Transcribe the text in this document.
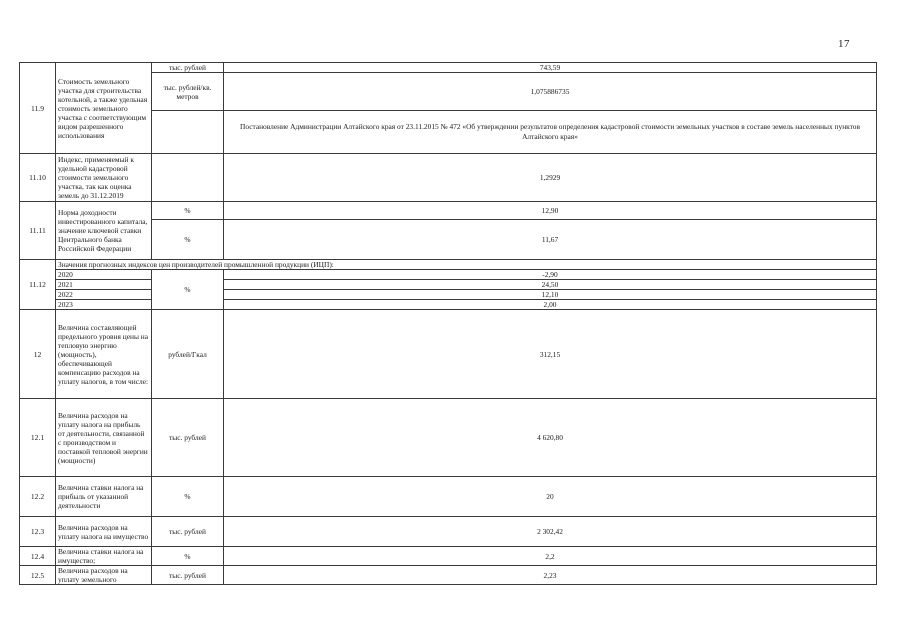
17
11.9	Стоимость земельного участка для строительства котельной, а также удельная стоимость земельного участка с соответствующим видом разрешенного использования	тыс. рублей	743,59
		тыс. рублей/кв. метров	1,075886735
			Постановление Администрации Алтайского края от 23.11.2015 № 472 «Об утверждении результатов определения кадастровой стоимости земельных участков в составе земель населенных пунктов Алтайского края»
11.10	Индекс, применяемый к удельной кадастровой стоимости земельного участка, так как оценка земель до 31.12.2019		1,2929
11.11	Норма доходности инвестированного капитала, значение ключевой ставки Центрального банка Российской Федерации	%	12,90
		%	11,67
11.12	Значения прогнозных индексов цен производителей промышленной продукции (ИЦП):		
	2020	%	-2,90
	2021		24,50
	2022		12,10
	2023		2,00
12	Величина составляющей предельного уровня цены на тепловую энергию (мощность), обеспечивающей компенсацию расходов на уплату налогов, в том числе:	рублей/Гкал	312,15
12.1	Величина расходов на уплату налога на прибыль от деятельности, связанной с производством и поставкой тепловой энергии (мощности)	тыс. рублей	4 620,80
12.2	Величина ставки налога на прибыль от указанной деятельности	%	20
12.3	Величина расходов на уплату налога на имущество	тыс. рублей	2 302,42
12.4	Величина ставки налога на имущество;	%	2,2
12.5	Величина расходов на уплату земельного	тыс. рублей	2,23
